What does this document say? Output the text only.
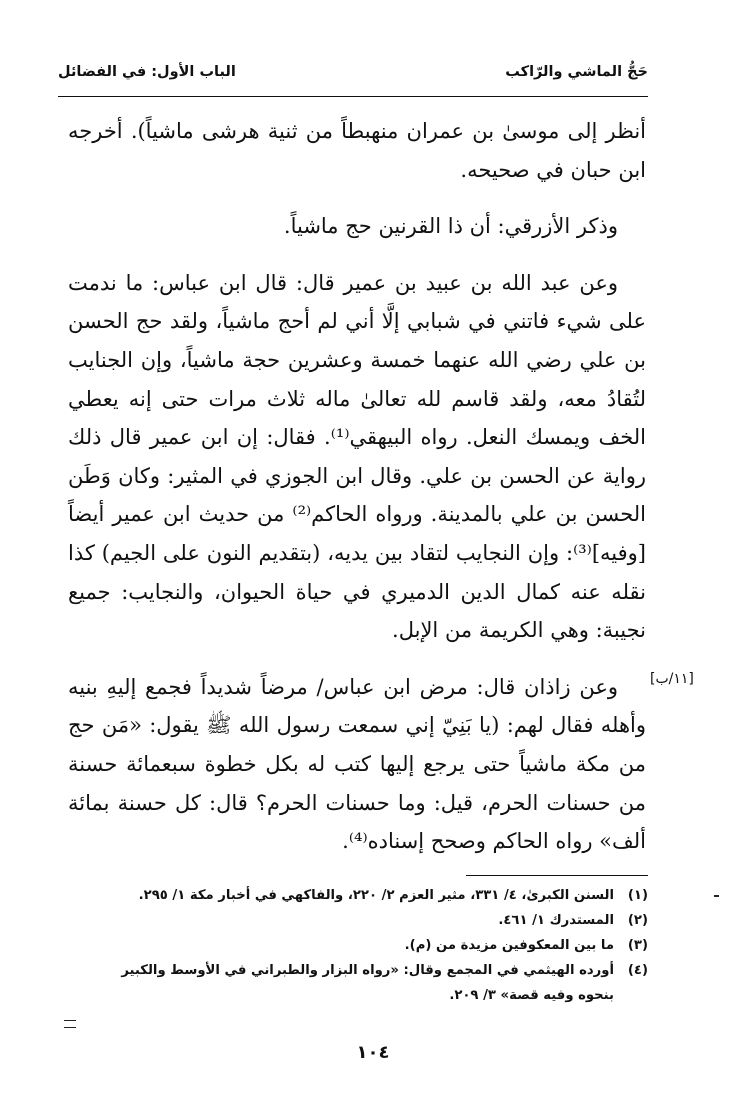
حَجُّ الماشي والرّاكب
الباب الأول: في الفضائل

أنظر إلى موسىٰ بن عمران منهبطاً من ثنية هرشى ماشياً). أخرجه ابن حبان في صحيحه.

وذكر الأزرقي: أن ذا القرنين حج ماشياً.

وعن عبد الله بن عبيد بن عمير قال: قال ابن عباس: ما ندمت على شيء فاتني في شبابي إلَّا أني لم أحج ماشياً، ولقد حج الحسن بن علي رضي الله عنهما خمسة وعشرين حجة ماشياً، وإن الجنايب لتُقادُ معه، ولقد قاسم لله تعالىٰ ماله ثلاث مرات حتى إنه يعطي الخف ويمسك النعل. رواه البيهقي⁽¹⁾. فقال: إن ابن عمير قال ذلك رواية عن الحسن بن علي. وقال ابن الجوزي في المثير: وكان وَطَن الحسن بن علي بالمدينة. ورواه الحاكم⁽²⁾ من حديث ابن عمير أيضاً [وفيه]⁽³⁾: وإن النجايب لتقاد بين يديه، (بتقديم النون على الجيم) كذا نقله عنه كمال الدين الدميري في حياة الحيوان، والنجايب: جميع نجيبة: وهي الكريمة من الإبل.

وعن زاذان قال: مرض ابن عباس/ مرضاً شديداً فجمع إليهِ بنيه وأهله فقال لهم: (يا بَنِيّ إني سمعت رسول الله ﷺ يقول: «مَن حج من مكة ماشياً حتى يرجع إليها كتب له بكل خطوة سبعمائة حسنة من حسنات الحرم، قيل: وما حسنات الحرم؟ قال: كل حسنة بمائة ألف» رواه الحاكم وصحح إسناده⁽⁴⁾.

[١١/ب]
(١)
السنن الكبرىٰ، ٤/ ٣٣١، مثير العزم ٢/ ٢٢٠، والفاكهي في أخبار مكة ١/ ٢٩٥.
(٢)
المستدرك ١/ ٤٦١.
(٣)
ما بين المعكوفين مزيدة من (م).
(٤)
أورده الهيثمي في المجمع وقال: «رواه البزار والطبراني في الأوسط والكبير بنحوه وفيه قصة» ٣/ ٢٠٩.
١٠٤
